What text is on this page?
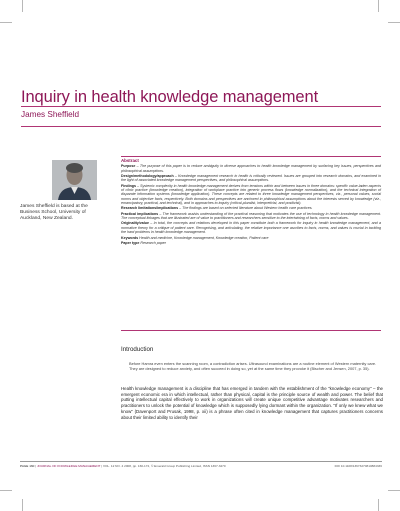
Inquiry in health knowledge management
James Sheffield
James Sheffield is based at the Business School, University of Auckland, New Zealand.
Abstract

Purpose – The purpose of this paper is to reduce ambiguity in diverse approaches to health knowledge management by surfacing key issues, perspectives and philosophical assumptions.

Design/methodology/approach – Knowledge management research in health is critically reviewed. Issues are grouped into research domains, and examined in the light of associated knowledge management perspectives, and philosophical assumptions.

Findings – Systemic complexity in health knowledge management derives from tensions within and between issues in three domains: specific value-laden aspects of clinic practice (knowledge creation), integration of workplace practice into generic process flows (knowledge normalization), and the technical integration of disparate information systems (knowledge application). These concepts are related to three knowledge management perspectives, viz., personal values, social norms and objective facts, respectively. Both domains and perspectives are anchored in philosophical assumptions about the interests served by knowledge (viz., emancipatory, practical, and technical), and in approaches to inquiry (critical-pluralist, interpretivist, and positivist).

Research limitations/implications – The findings are based on selected literature about Western health care practices.

Practical implications – The framework assists understanding of the practical reasoning that motivates the use of technology in health knowledge management. The conceptual linkages that are illustrated are of value to practitioners and researchers sensitive to the intertwining of facts, norms and values.

Originality/value – In total, the concepts and relations developed in this paper constitute both a framework for inquiry in health knowledge management, and a normative theory for a critique of patient care. Recognising, and articulating, the relative importance one ascribes to facts, norms, and values is crucial in tackling the hard problems in health knowledge management.

Keywords Health and medicine, Knowledge management, Knowledge creation, Patient care

Paper type Research paper

Introduction
Before Hamra even enters the scanning room, a contradiction arises. Ultrasound examinations are a routine element of Western maternity care. They are designed to reduce anxiety, and often succeed in doing so, yet at the same time they provoke it (Bischer and Jensen, 2007, p. 35).
Health knowledge management is a discipline that has emerged in tandem with the establishment of the "knowledge economy" – the emergent economic era in which intellectual, rather than physical, capital is the principle source of wealth and power. The belief that putting intellectual capital effectively to work in organizations will create unique competitive advantage motivates researchers and practitioners to unlock the potential of knowledge which is supposedly lying dormant within the organization. "If only we knew what we know" (Davenport and Prusak, 1998, p. xii) is a phrase often cited in knowledge management that captures practitioners concerns about their limited ability to identify their
PAGE 160 | JOURNAL OF KNOWLEDGE MANAGEMENT | VOL. 12 NO. 4 2008, pp. 160-172, © Emerald Group Publishing Limited, ISSN 1367-3270	DOI 10.1108/13673270810884336
